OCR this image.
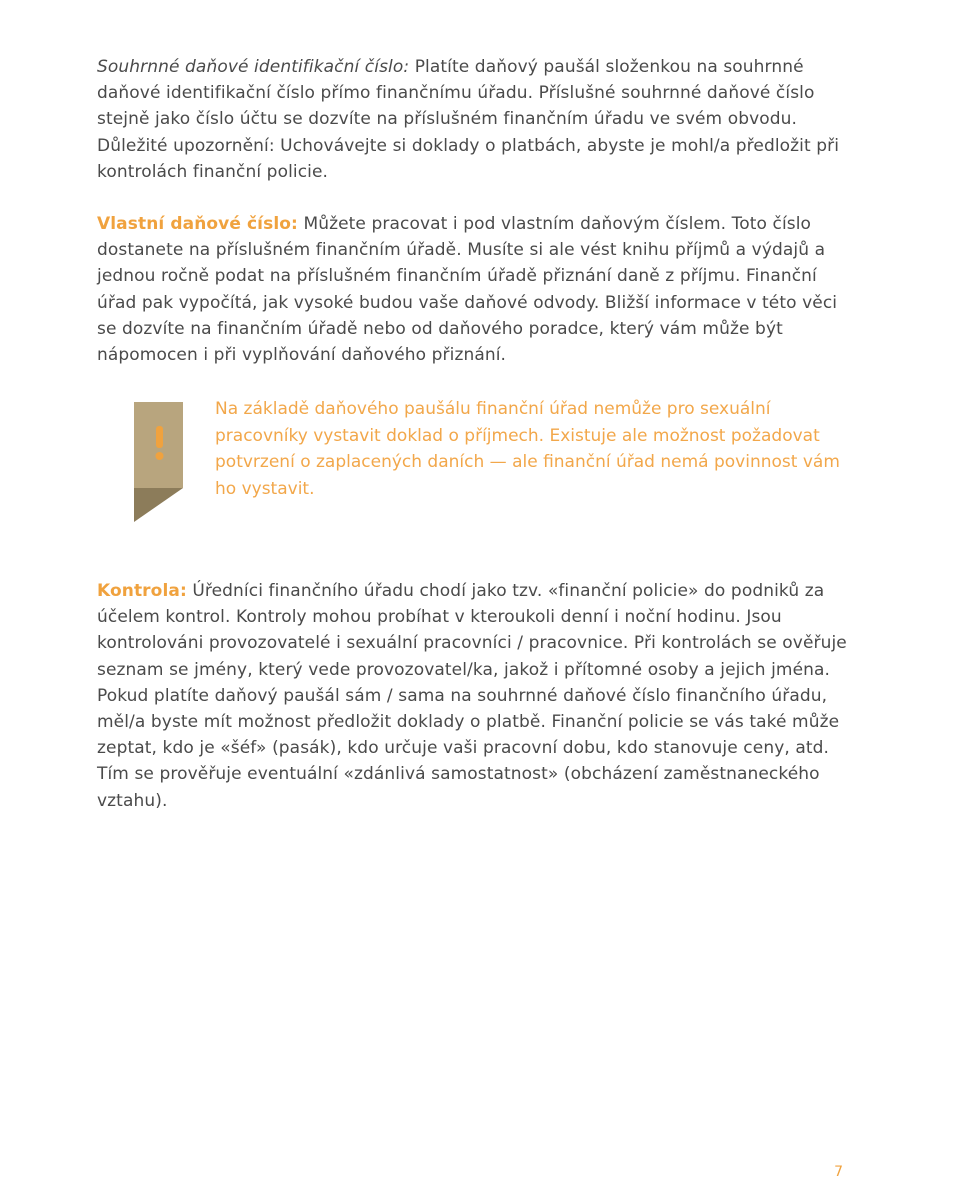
Souhrnné daňové identifikační číslo: Platíte daňový paušál složenkou na souhrnné daňové identifikační číslo přímo finančnímu úřadu. Příslušné souhrnné daňové číslo stejně jako číslo účtu se dozvíte na příslušném finančním úřadu ve svém obvodu. Důležité upozornění: Uchovávejte si doklady o platbách, abyste je mohl/a předložit při kontrolách finanční policie.

Vlastní daňové číslo: Můžete pracovat i pod vlastním daňovým číslem. Toto číslo dostanete na příslušném finančním úřadě. Musíte si ale vést knihu příjmů a výdajů a jednou ročně podat na příslušném finančním úřadě přiznání daně z příjmu. Finanční úřad pak vypočítá, jak vysoké budou vaše daňové odvody. Bližší informace v této věci se dozvíte na finančním úřadě nebo od daňového poradce, který vám může být nápomocen i při vyplňování daňového přiznání.

Na základě daňového paušálu finanční úřad nemůže pro sexuální pracovníky vystavit doklad o příjmech. Existuje ale možnost požadovat potvrzení o zaplacených daních — ale finanční úřad nemá povinnost vám ho vystavit.

Kontrola: Úředníci finančního úřadu chodí jako tzv. «finanční policie» do podniků za účelem kontrol. Kontroly mohou probíhat v kteroukoli denní i noční hodinu. Jsou kontrolováni provozovatelé i sexuální pracovníci / pracovnice. Při kontrolách se ověřuje seznam se jmény, který vede provozovatel/ka, jakož i přítomné osoby a jejich jména. Pokud platíte daňový paušál sám / sama na souhrnné daňové číslo finančního úřadu, měl/a byste mít možnost předložit doklady o platbě. Finanční policie se vás také může zeptat, kdo je «šéf» (pasák), kdo určuje vaši pracovní dobu, kdo stanovuje ceny, atd. Tím se prověřuje eventuální «zdánlivá samostatnost» (obcházení zaměstnaneckého vztahu).

7
